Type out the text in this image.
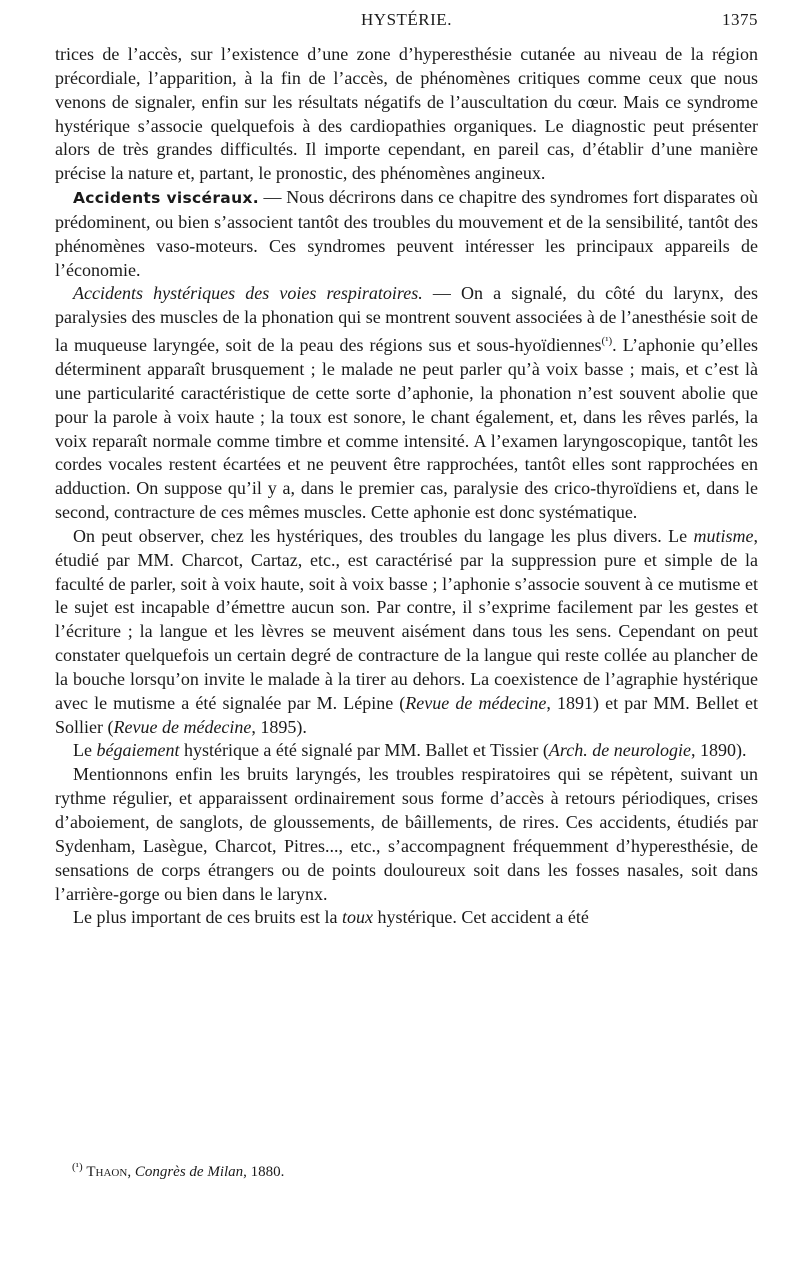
HYSTÉRIE.	1375

trices de l’accès, sur l’existence d’une zone d’hyperesthésie cutanée au niveau de la région précordiale, l’apparition, à la fin de l’accès, de phénomènes critiques comme ceux que nous venons de signaler, enfin sur les résultats négatifs de l’auscultation du cœur. Mais ce syndrome hystérique s’associe quelquefois à des cardiopathies organiques. Le diagnostic peut présenter alors de très grandes difficultés. Il importe cependant, en pareil cas, d’établir d’une manière précise la nature et, partant, le pronostic, des phénomènes angineux.

Accidents viscéraux. — Nous décrirons dans ce chapitre des syndromes fort disparates où prédominent, ou bien s’associent tantôt des troubles du mouvement et de la sensibilité, tantôt des phénomènes vaso-moteurs. Ces syndromes peuvent intéresser les principaux appareils de l’économie.

Accidents hystériques des voies respiratoires. — On a signalé, du côté du larynx, des paralysies des muscles de la phonation qui se montrent souvent associées à de l’anesthésie soit de la muqueuse laryngée, soit de la peau des régions sus et sous-hyoïdiennes$^{(^1)}$. L’aphonie qu’elles déterminent apparaît brusquement ; le malade ne peut parler qu’à voix basse ; mais, et c’est là une particularité caractéristique de cette sorte d’aphonie, la phonation n’est souvent abolie que pour la parole à voix haute ; la toux est sonore, le chant également, et, dans les rêves parlés, la voix reparaît normale comme timbre et comme intensité. A l’examen laryngoscopique, tantôt les cordes vocales restent écartées et ne peuvent être rapprochées, tantôt elles sont rapprochées en adduction. On suppose qu’il y a, dans le premier cas, paralysie des crico-thyroïdiens et, dans le second, contracture de ces mêmes muscles. Cette aphonie est donc systématique.

On peut observer, chez les hystériques, des troubles du langage les plus divers. Le mutisme, étudié par MM. Charcot, Cartaz, etc., est caractérisé par la suppression pure et simple de la faculté de parler, soit à voix haute, soit à voix basse ; l’aphonie s’associe souvent à ce mutisme et le sujet est incapable d’émettre aucun son. Par contre, il s’exprime facilement par les gestes et l’écriture ; la langue et les lèvres se meuvent aisément dans tous les sens. Cependant on peut constater quelquefois un certain degré de contracture de la langue qui reste collée au plancher de la bouche lorsqu’on invite le malade à la tirer au dehors. La coexistence de l’agraphie hystérique avec le mutisme a été signalée par M. Lépine (Revue de médecine, 1891) et par MM. Bellet et Sollier (Revue de médecine, 1895).

Le bégaiement hystérique a été signalé par MM. Ballet et Tissier (Arch. de neurologie, 1890).

Mentionnons enfin les bruits laryngés, les troubles respiratoires qui se répètent, suivant un rythme régulier, et apparaissent ordinairement sous forme d’accès à retours périodiques, crises d’aboiement, de sanglots, de gloussements, de bâillements, de rires. Ces accidents, étudiés par Sydenham, Lasègue, Charcot, Pitres..., etc., s’accompagnent fréquemment d’hyperesthésie, de sensations de corps étrangers ou de points douloureux soit dans les fosses nasales, soit dans l’arrière-gorge ou bien dans le larynx.

Le plus important de ces bruits est la toux hystérique. Cet accident a été

$^{(^1)}$ Thaon, Congrès de Milan, 1880.
